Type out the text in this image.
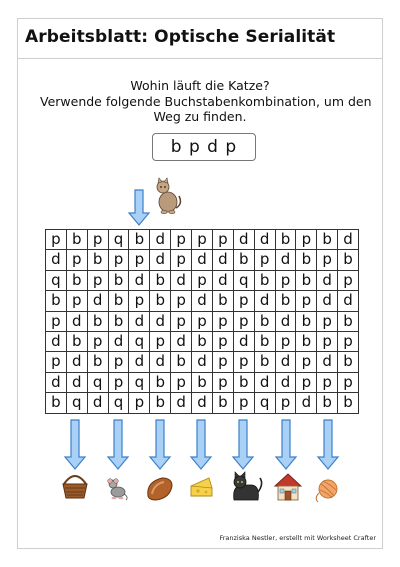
Arbeitsblatt: Optische Serialität
Wohin läuft die Katze?
Verwende folgende Buchstabenkombination, um den
Weg zu finden.
b p d p
p b p q b d p p p d d b p b d
d p b p p d p d d b p d b p b
q b p b d b d p d q b p b d p
b p d b p b p d b p d b p d d
p d b b d d p p p p b d b p b
d b p d q p d b p d b p b p p
p d b p d d b d p p b d p d b
d d q p q b p b p b d d p p p
b q d q p b d d b p q p d b b
Franziska Nestler, erstellt mit Worksheet Crafter
